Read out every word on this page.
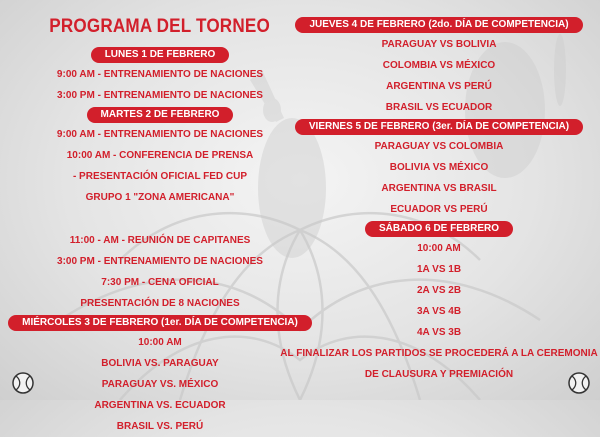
PROGRAMA DEL TORNEO
LUNES 1 DE FEBRERO
9:00 AM - ENTRENAMIENTO DE NACIONES
3:00 PM - ENTRENAMIENTO DE NACIONES
MARTES 2 DE FEBRERO
9:00 AM - ENTRENAMIENTO DE NACIONES
10:00 AM - CONFERENCIA DE PRENSA
- PRESENTACIÓN OFICIAL FED CUP
GRUPO 1 "ZONA AMERICANA"
11:00 - AM - REUNIÓN DE CAPITANES
3:00 PM - ENTRENAMIENTO DE NACIONES
7:30 PM - CENA OFICIAL
PRESENTACIÓN DE 8 NACIONES
MIÉRCOLES 3 DE FEBRERO (1er. DÍA DE COMPETENCIA)
10:00 AM
BOLIVIA VS. PARAGUAY
PARAGUAY VS. MÉXICO
ARGENTINA VS. ECUADOR
BRASIL VS. PERÚ
JUEVES 4 DE FEBRERO (2do. DÍA DE COMPETENCIA)
PARAGUAY VS BOLIVIA
COLOMBIA VS MÉXICO
ARGENTINA VS PERÚ
BRASIL VS ECUADOR
VIERNES 5 DE FEBRERO (3er. DÍA DE COMPETENCIA)
PARAGUAY VS COLOMBIA
BOLIVIA VS MÉXICO
ARGENTINA VS BRASIL
ECUADOR VS PERÚ
SÁBADO 6 DE FEBRERO
10:00 AM
1A VS 1B
2A VS 2B
3A VS 4B
4A VS 3B
AL FINALIZAR LOS PARTIDOS SE PROCEDERÁ A LA CEREMONIA
DE CLAUSURA Y PREMIACIÓN
